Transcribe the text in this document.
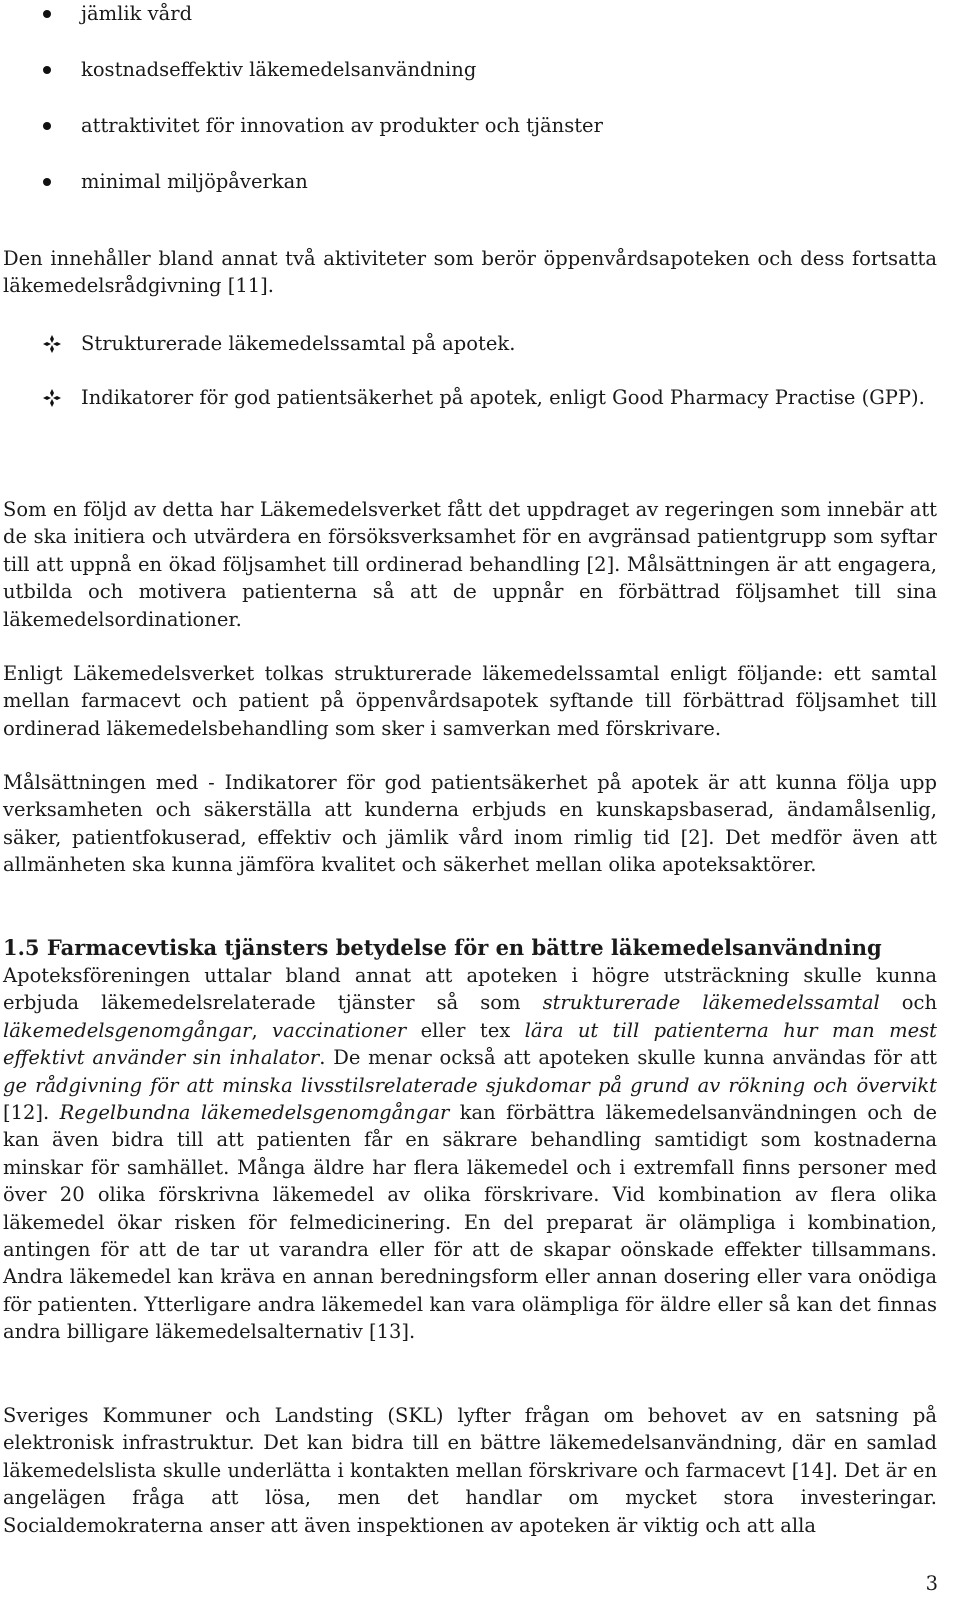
jämlik vård
kostnadseffektiv läkemedelsanvändning
attraktivitet för innovation av produkter och tjänster
minimal miljöpåverkan

Den innehåller bland annat två aktiviteter som berör öppenvårdsapoteken och dess fortsatta läkemedelsrådgivning [11].

Strukturerade läkemedelssamtal på apotek.
Indikatorer för god patientsäkerhet på apotek, enligt Good Pharmacy Practise (GPP).

Som en följd av detta har Läkemedelsverket fått det uppdraget av regeringen som innebär att de ska initiera och utvärdera en försöksverksamhet för en avgränsad patientgrupp som syftar till att uppnå en ökad följsamhet till ordinerad behandling [2]. Målsättningen är att engagera, utbilda och motivera patienterna så att de uppnår en förbättrad följsamhet till sina läkemedelsordinationer.

Enligt Läkemedelsverket tolkas strukturerade läkemedelssamtal enligt följande: ett samtal mellan farmacevt och patient på öppenvårdsapotek syftande till förbättrad följsamhet till ordinerad läkemedelsbehandling som sker i samverkan med förskrivare.

Målsättningen med - Indikatorer för god patientsäkerhet på apotek är att kunna följa upp verksamheten och säkerställa att kunderna erbjuds en kunskapsbaserad, ändamålsenlig, säker, patientfokuserad, effektiv och jämlik vård inom rimlig tid [2]. Det medför även att allmänheten ska kunna jämföra kvalitet och säkerhet mellan olika apoteksaktörer.

1.5 Farmacevtiska tjänsters betydelse för en bättre läkemedelsanvändning

Apoteksföreningen uttalar bland annat att apoteken i högre utsträckning skulle kunna erbjuda läkemedelsrelaterade tjänster så som strukturerade läkemedelssamtal och läkemedelsgenomgångar, vaccinationer eller tex lära ut till patienterna hur man mest effektivt använder sin inhalator. De menar också att apoteken skulle kunna användas för att ge rådgivning för att minska livsstilsrelaterade sjukdomar på grund av rökning och övervikt [12]. Regelbundna läkemedelsgenomgångar kan förbättra läkemedelsanvändningen och de kan även bidra till att patienten får en säkrare behandling samtidigt som kostnaderna minskar för samhället. Många äldre har flera läkemedel och i extremfall finns personer med över 20 olika förskrivna läkemedel av olika förskrivare. Vid kombination av flera olika läkemedel ökar risken för felmedicinering. En del preparat är olämpliga i kombination, antingen för att de tar ut varandra eller för att de skapar oönskade effekter tillsammans. Andra läkemedel kan kräva en annan beredningsform eller annan dosering eller vara onödiga för patienten. Ytterligare andra läkemedel kan vara olämpliga för äldre eller så kan det finnas andra billigare läkemedelsalternativ [13].

Sveriges Kommuner och Landsting (SKL) lyfter frågan om behovet av en satsning på elektronisk infrastruktur. Det kan bidra till en bättre läkemedelsanvändning, där en samlad läkemedelslista skulle underlätta i kontakten mellan förskrivare och farmacevt [14]. Det är en angelägen fråga att lösa, men det handlar om mycket stora investeringar. Socialdemokraterna anser att även inspektionen av apoteken är viktig och att alla

3
